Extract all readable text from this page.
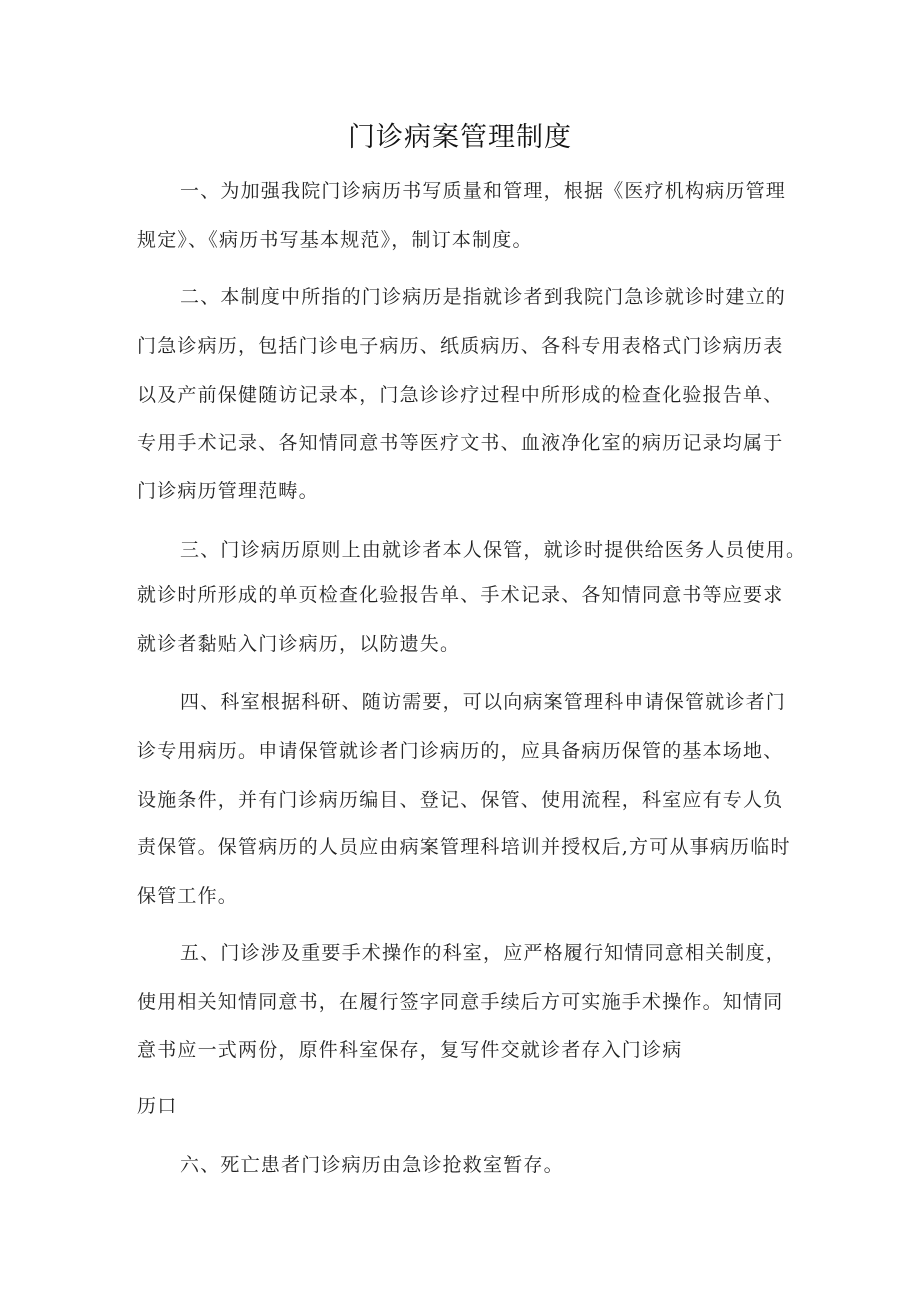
门诊病案管理制度
一、为加强我院门诊病历书写质量和管理，根据《医疗机构病历管理
规定》、《病历书写基本规范》，制订本制度。
二、本制度中所指的门诊病历是指就诊者到我院门急诊就诊时建立的
门急诊病历，包括门诊电子病历、纸质病历、各科专用表格式门诊病历表
以及产前保健随访记录本，门急诊诊疗过程中所形成的检查化验报告单、
专用手术记录、各知情同意书等医疗文书、血液净化室的病历记录均属于
门诊病历管理范畴。
三、门诊病历原则上由就诊者本人保管，就诊时提供给医务人员使用。
就诊时所形成的单页检查化验报告单、手术记录、各知情同意书等应要求
就诊者黏贴入门诊病历，以防遗失。
四、科室根据科研、随访需要，可以向病案管理科申请保管就诊者门
诊专用病历。申请保管就诊者门诊病历的，应具备病历保管的基本场地、
设施条件，并有门诊病历编目、登记、保管、使用流程，科室应有专人负
责保管。保管病历的人员应由病案管理科培训并授权后,方可从事病历临时
保管工作。
五、门诊涉及重要手术操作的科室，应严格履行知情同意相关制度，
使用相关知情同意书，在履行签字同意手续后方可实施手术操作。知情同
意书应一式两份，原件科室保存，复写件交就诊者存入门诊病
历口
六、死亡患者门诊病历由急诊抢救室暂存。
